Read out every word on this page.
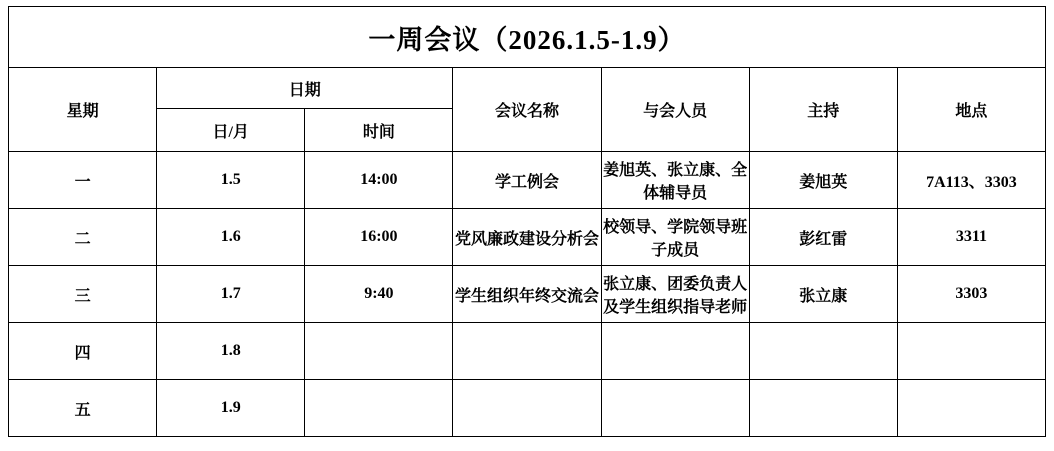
一周会议（2026.1.5-1.9）						
星期	日期		会议名称	与会人员	主持	地点
	日/月	时间				
一	1.5	14:00	学工例会	姜旭英、张立康、全体辅导员	姜旭英	7A113、3303
二	1.6	16:00	党风廉政建设分析会	校领导、学院领导班子成员	彭红雷	3311
三	1.7	9:40	学生组织年终交流会	张立康、团委负责人及学生组织指导老师	张立康	3303
四	1.8					
五	1.9					
